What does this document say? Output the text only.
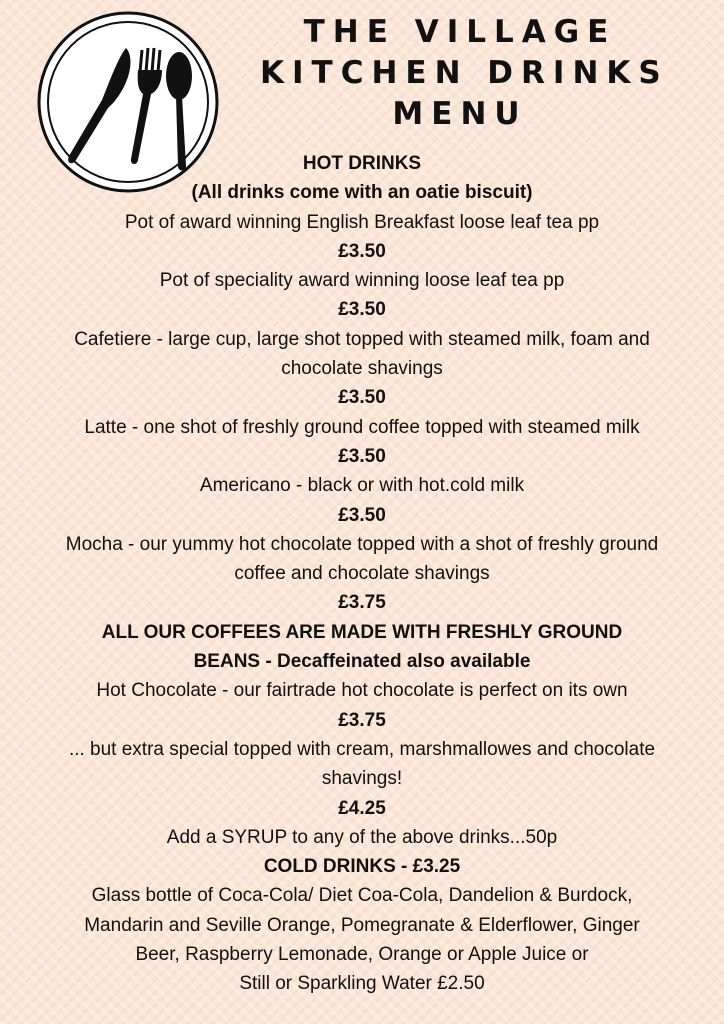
THE VILLAGE
KITCHEN DRINKS
MENU
HOT DRINKS
(All drinks come with an oatie biscuit)
Pot of award winning English Breakfast loose leaf tea pp
£3.50
Pot of speciality award winning loose leaf tea pp
£3.50
Cafetiere - large cup, large shot topped with steamed milk, foam and
chocolate shavings
£3.50
Latte - one shot of freshly ground coffee topped with steamed milk
£3.50
Americano - black or with hot.cold milk
£3.50
Mocha - our yummy hot chocolate topped with a shot of freshly ground
coffee and chocolate shavings
£3.75
ALL OUR COFFEES ARE MADE WITH FRESHLY GROUND
BEANS - Decaffeinated also available
Hot Chocolate - our fairtrade hot chocolate is perfect on its own
£3.75
... but extra special topped with cream, marshmallowes and chocolate
shavings!
£4.25
Add a SYRUP to any of the above drinks...50p
COLD DRINKS - £3.25
Glass bottle of Coca-Cola/ Diet Coa-Cola, Dandelion & Burdock,
Mandarin and Seville Orange, Pomegranate & Elderflower, Ginger
Beer, Raspberry Lemonade, Orange or Apple Juice or
Still or Sparkling Water £2.50
